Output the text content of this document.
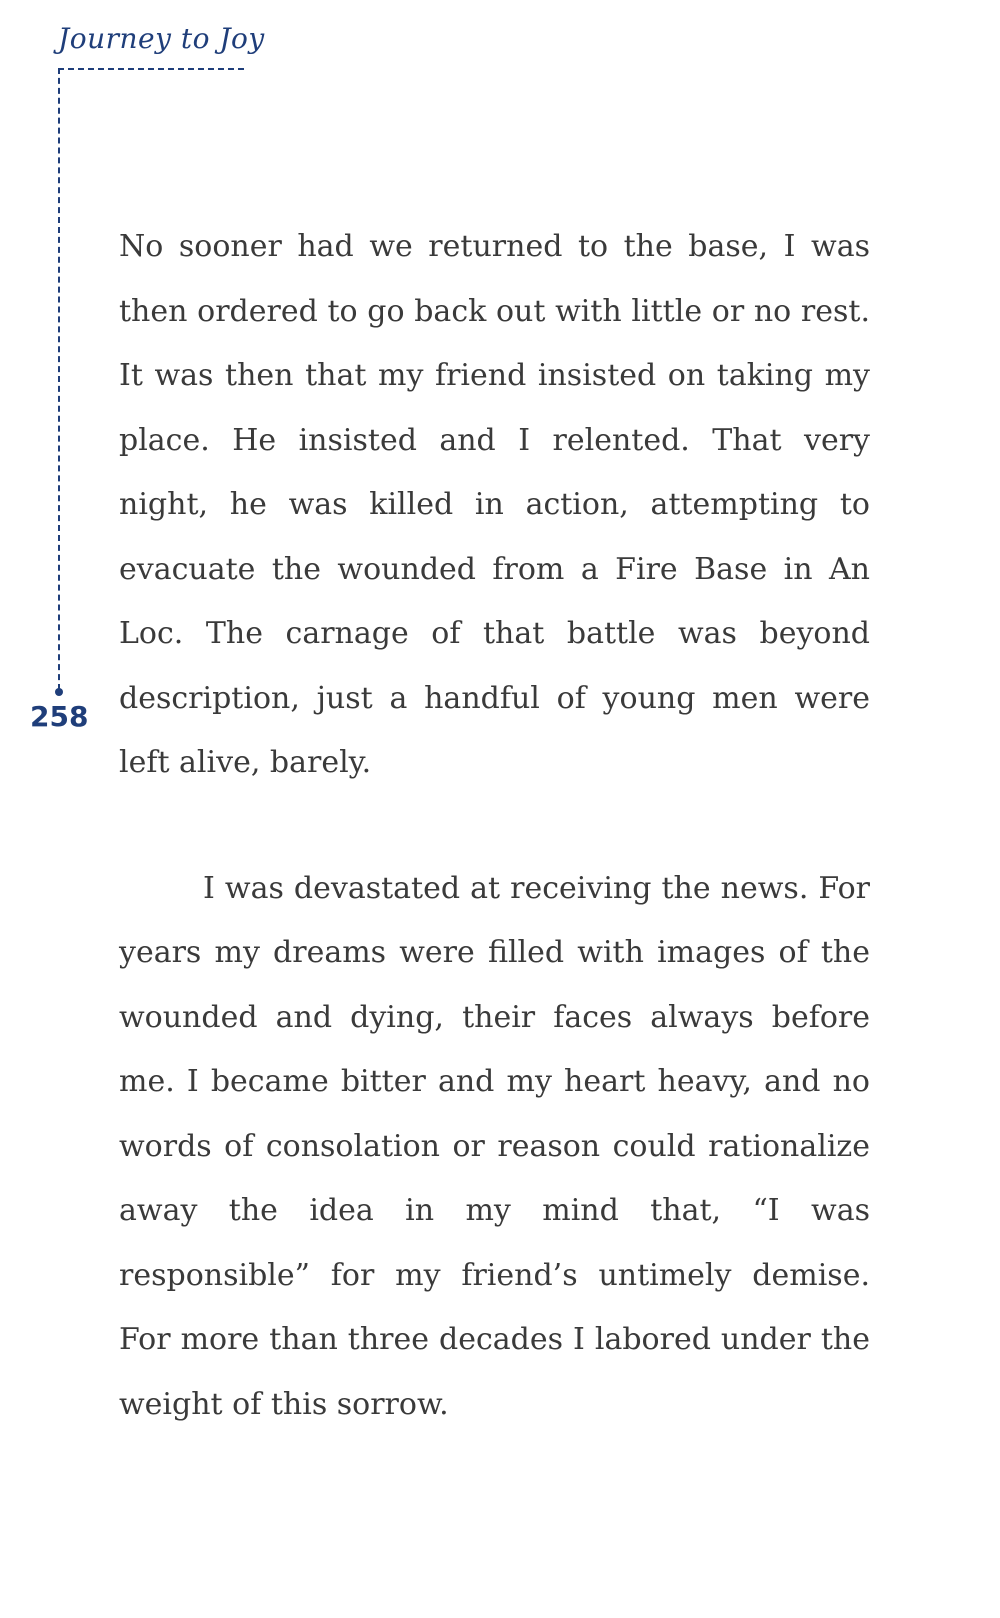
Journey to Joy
258

No sooner had we returned to the base, I was then ordered to go back out with little or no rest. It was then that my friend insisted on taking my place. He insisted and I relented. That very night, he was killed in action, attempting to evacuate the wounded from a Fire Base in An Loc. The carnage of that battle was beyond description, just a handful of young men were left alive, barely.

I was devastated at receiving the news. For years my dreams were filled with images of the wounded and dying, their faces always before me. I became bitter and my heart heavy, and no words of consolation or reason could rationalize away the idea in my mind that, “I was responsible” for my friend’s untimely demise. For more than three decades I labored under the weight of this sorrow.
